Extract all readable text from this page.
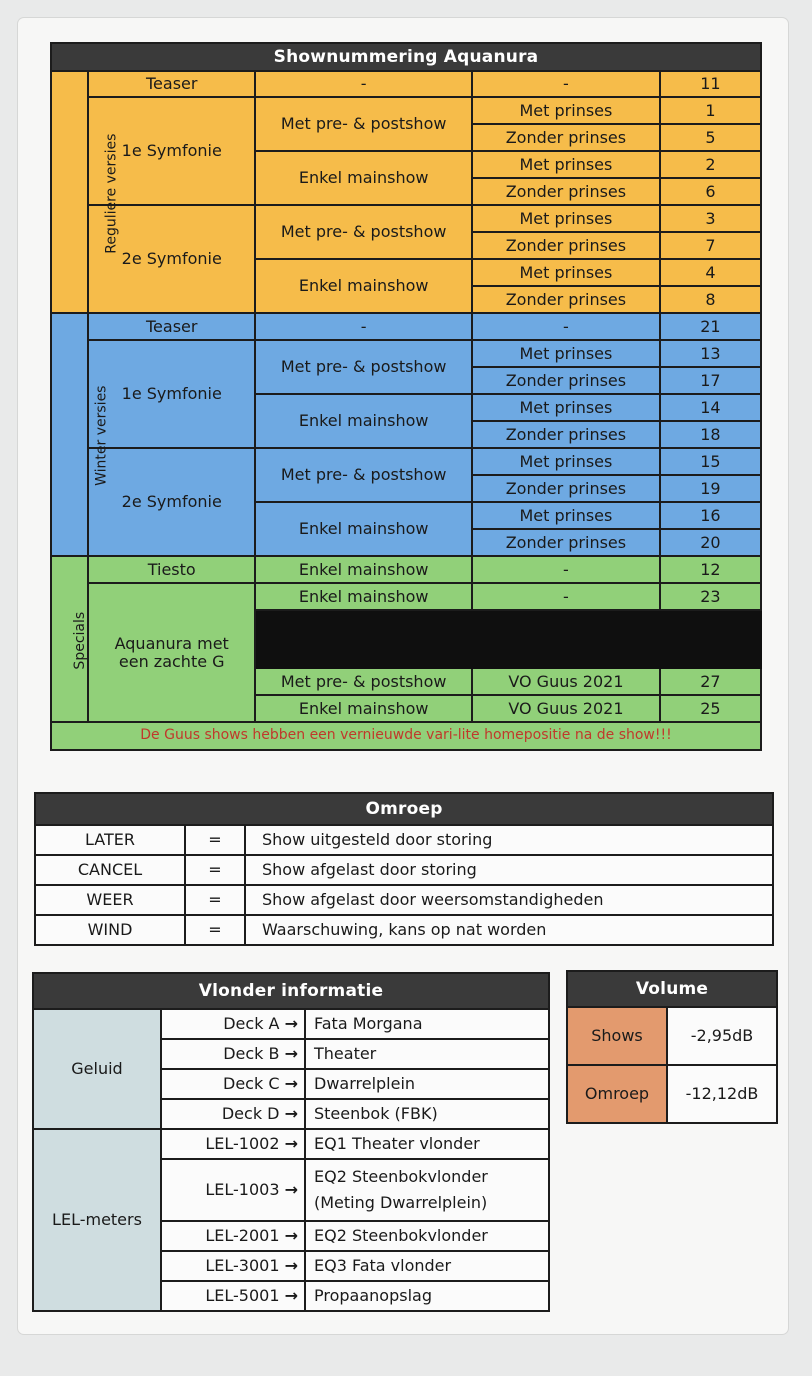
Shownummering Aquanura				
Reguliere versies	Teaser	-	-	11
	1e Symfonie	Met pre- & postshow	Met prinses	1
			Zonder prinses	5
		Enkel mainshow	Met prinses	2
			Zonder prinses	6
	2e Symfonie	Met pre- & postshow	Met prinses	3
			Zonder prinses	7
		Enkel mainshow	Met prinses	4
			Zonder prinses	8
Winter versies	Teaser	-	-	21
	1e Symfonie	Met pre- & postshow	Met prinses	13
			Zonder prinses	17
		Enkel mainshow	Met prinses	14
			Zonder prinses	18
	2e Symfonie	Met pre- & postshow	Met prinses	15
			Zonder prinses	19
		Enkel mainshow	Met prinses	16
			Zonder prinses	20
Specials	Tiesto	Enkel mainshow	-	12
	Aquanura met een zachte G	Enkel mainshow	-	23

		Met pre- & postshow	VO Guus 2021	27
		Enkel mainshow	VO Guus 2021	25
De Guus shows hebben een vernieuwde vari-lite homepositie na de show!!!				
Omroep		
LATER	=	Show uitgesteld door storing
CANCEL	=	Show afgelast door storing
WEER	=	Show afgelast door weersomstandigheden
WIND	=	Waarschuwing, kans op nat worden
Vlonder informatie		
Geluid	Deck A →	Fata Morgana
	Deck B →	Theater
	Deck C →	Dwarrelplein
	Deck D →	Steenbok (FBK)
LEL-meters	LEL-1002 →	EQ1 Theater vlonder
	LEL-1003 →	EQ2 Steenbokvlonder (Meting Dwarrelplein)
	LEL-2001 →	EQ2 Steenbokvlonder
	LEL-3001 →	EQ3 Fata vlonder
	LEL-5001 →	Propaanopslag
Volume	
Shows	-2,95dB
Omroep	-12,12dB
